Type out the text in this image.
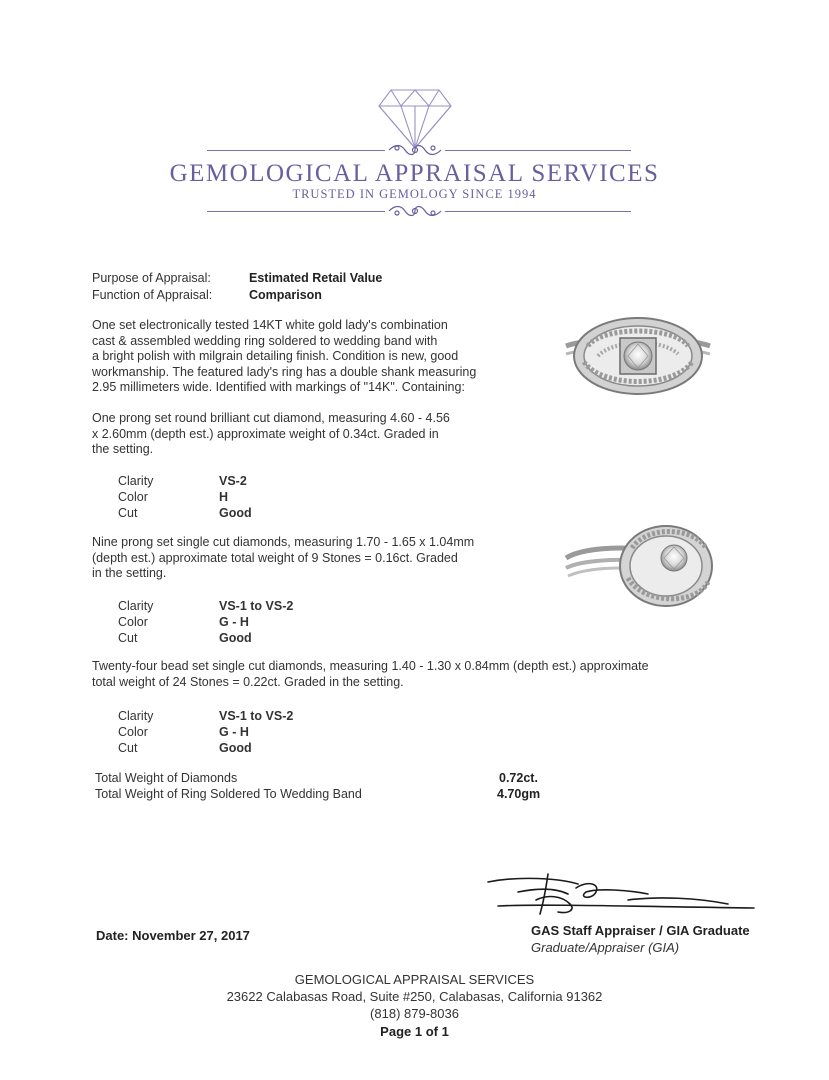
GEMOLOGICAL APPRAISAL SERVICES
TRUSTED IN GEMOLOGY SINCE 1994
Purpose of Appraisal:	Estimated Retail Value
Function of Appraisal:	Comparison
One set electronically tested 14KT white gold lady's combination
cast & assembled wedding ring soldered to wedding band with
a bright polish with milgrain detailing finish. Condition is new, good
workmanship. The featured lady's ring has a double shank measuring
2.95 millimeters wide. Identified with markings of "14K". Containing:
One prong set round brilliant cut diamond, measuring 4.60 - 4.56
x 2.60mm (depth est.) approximate weight of 0.34ct. Graded in
the setting.
Clarity	VS-2
Color	H
Cut	Good
Nine prong set single cut diamonds, measuring 1.70 - 1.65 x 1.04mm
(depth est.) approximate total weight of 9 Stones = 0.16ct. Graded
in the setting.
Clarity	VS-1 to VS-2
Color	G - H
Cut	Good
Twenty-four bead set single cut diamonds, measuring 1.40 - 1.30 x 0.84mm (depth est.) approximate
total weight of 24 Stones = 0.22ct. Graded in the setting.
Clarity	VS-1 to VS-2
Color	G - H
Cut	Good
Total Weight of Diamonds	0.72ct.
Total Weight of Ring Soldered To Wedding Band	4.70gm
Date: November 27, 2017	GAS Staff Appraiser / GIA Graduate
Graduate/Appraiser (GIA)
GEMOLOGICAL APPRAISAL SERVICES
23622 Calabasas Road, Suite #250, Calabasas, California 91362
(818) 879-8036
Page 1 of 1
